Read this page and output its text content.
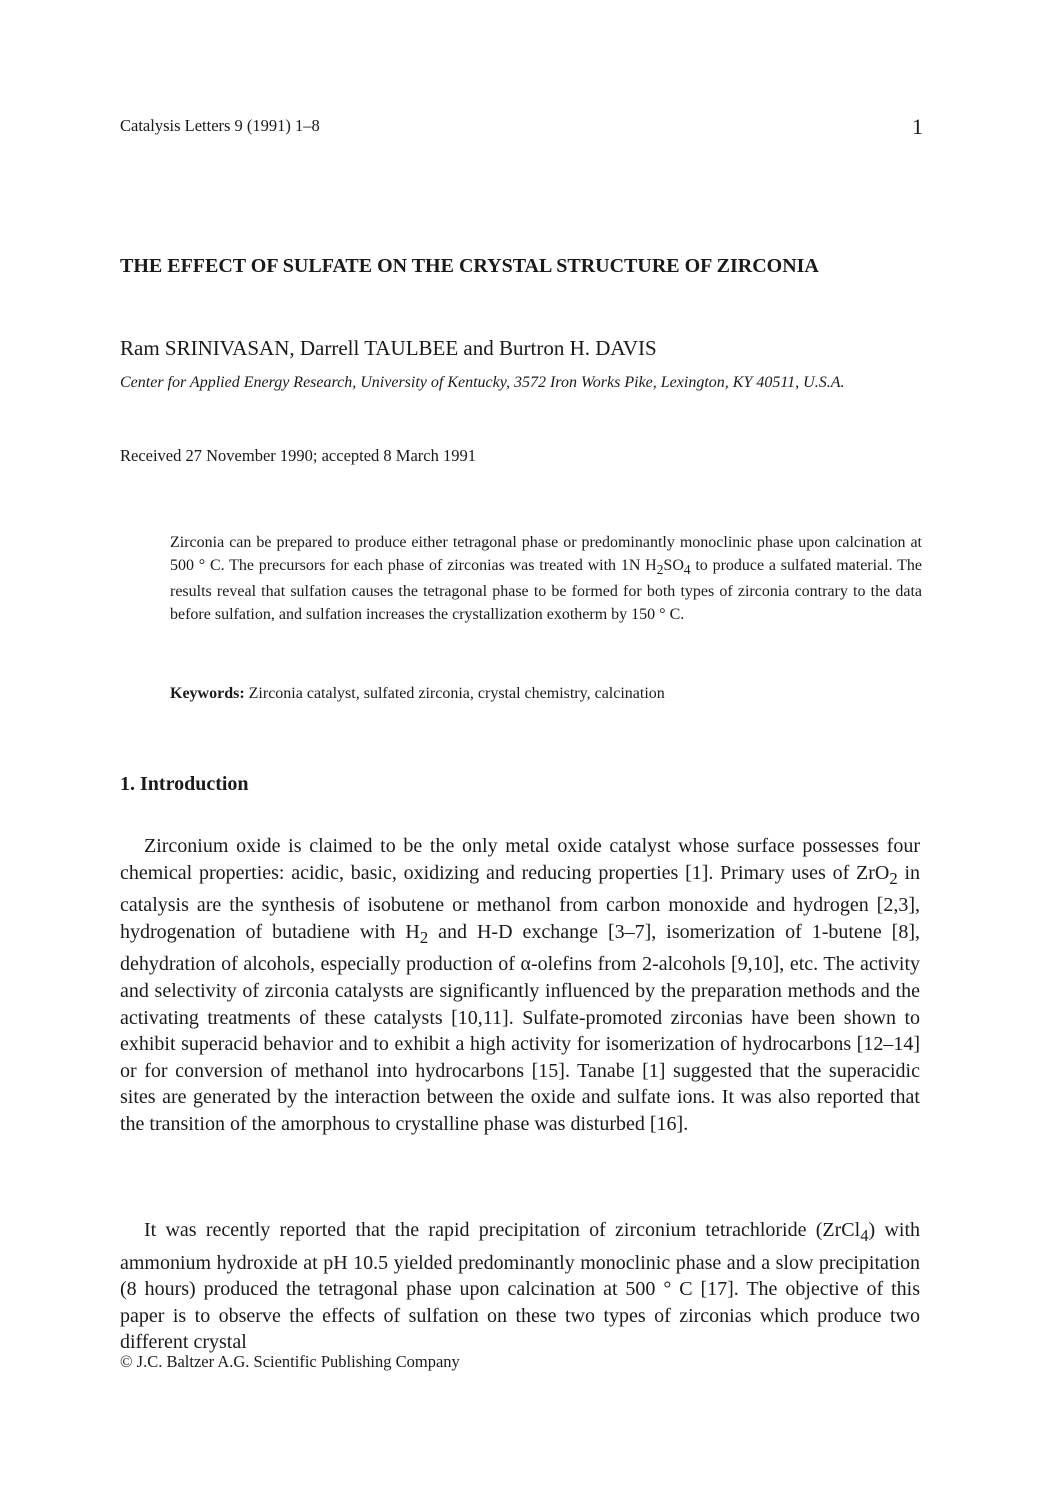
Catalysis Letters 9 (1991) 1–8	1
THE EFFECT OF SULFATE ON THE CRYSTAL STRUCTURE OF ZIRCONIA
Ram SRINIVASAN, Darrell TAULBEE and Burtron H. DAVIS
Center for Applied Energy Research, University of Kentucky, 3572 Iron Works Pike, Lexington, KY 40511, U.S.A.
Received 27 November 1990; accepted 8 March 1991
Zirconia can be prepared to produce either tetragonal phase or predominantly monoclinic phase upon calcination at 500 ° C. The precursors for each phase of zirconias was treated with 1N $H_2SO_4$ to produce a sulfated material. The results reveal that sulfation causes the tetragonal phase to be formed for both types of zirconia contrary to the data before sulfation, and sulfation increases the crystallization exotherm by 150 ° C.
Keywords: Zirconia catalyst, sulfated zirconia, crystal chemistry, calcination
1. Introduction
Zirconium oxide is claimed to be the only metal oxide catalyst whose surface possesses four chemical properties: acidic, basic, oxidizing and reducing properties [1]. Primary uses of ZrO$_2$ in catalysis are the synthesis of isobutene or methanol from carbon monoxide and hydrogen [2,3], hydrogenation of butadiene with $H_2$ and H-D exchange [3–7], isomerization of 1-butene [8], dehydration of alcohols, especially production of α-olefins from 2-alcohols [9,10], etc. The activity and selectivity of zirconia catalysts are significantly influenced by the preparation methods and the activating treatments of these catalysts [10,11]. Sulfate-promoted zirconias have been shown to exhibit superacid behavior and to exhibit a high activity for isomerization of hydrocarbons [12–14] or for conversion of methanol into hydrocarbons [15]. Tanabe [1] suggested that the superacidic sites are generated by the interaction between the oxide and sulfate ions. It was also reported that the transition of the amorphous to crystalline phase was disturbed [16].
It was recently reported that the rapid precipitation of zirconium tetrachloride (ZrCl$_4$) with ammonium hydroxide at pH 10.5 yielded predominantly monoclinic phase and a slow precipitation (8 hours) produced the tetragonal phase upon calcination at 500 ° C [17]. The objective of this paper is to observe the effects of sulfation on these two types of zirconias which produce two different crystal
© J.C. Baltzer A.G. Scientific Publishing Company
